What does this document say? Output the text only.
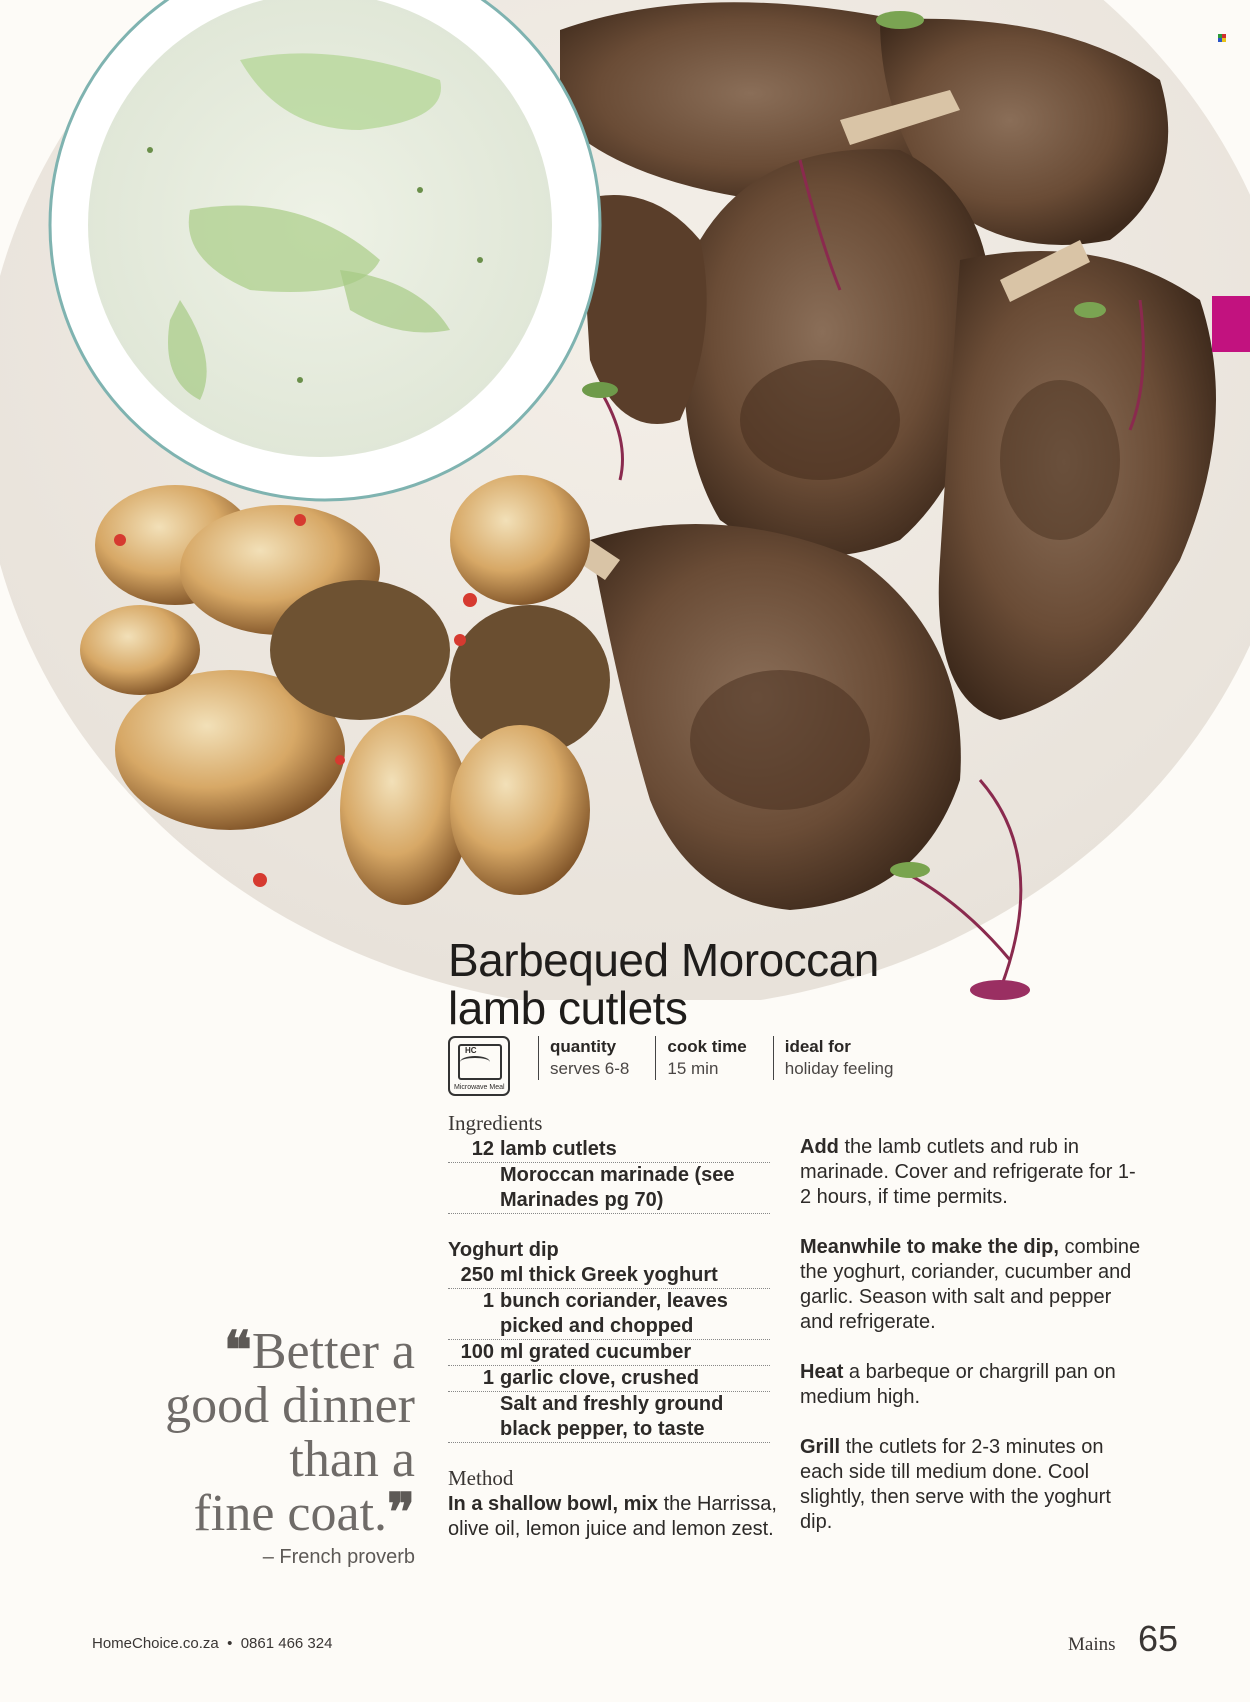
Barbequed Moroccan
lamb cutlets
HC
Microwave Meal
quantity
serves 6-8
cook time
15 min
ideal for
holiday feeling
Ingredients
12 lamb cutlets
Moroccan marinade (see Marinades pg 70)
Yoghurt dip
250 ml thick Greek yoghurt
1 bunch coriander, leaves picked and chopped
100 ml grated cucumber
1 garlic clove, crushed
Salt and freshly ground black pepper, to taste
Method
In a shallow bowl, mix the Harrissa, olive oil, lemon juice and lemon zest.
Add the lamb cutlets and rub in marinade. Cover and refrigerate for 1-2 hours, if time permits.
Meanwhile to make the dip, combine the yoghurt, coriander, cucumber and garlic. Season with salt and pepper and refrigerate.
Heat a barbeque or chargrill pan on medium high.
Grill the cutlets for 2-3 minutes on each side till medium done. Cool slightly, then serve with the yoghurt dip.
❝Better a
good dinner
than a
fine coat.❞
– French proverb
HomeChoice.co.za • 0861 466 324	Mains 65
